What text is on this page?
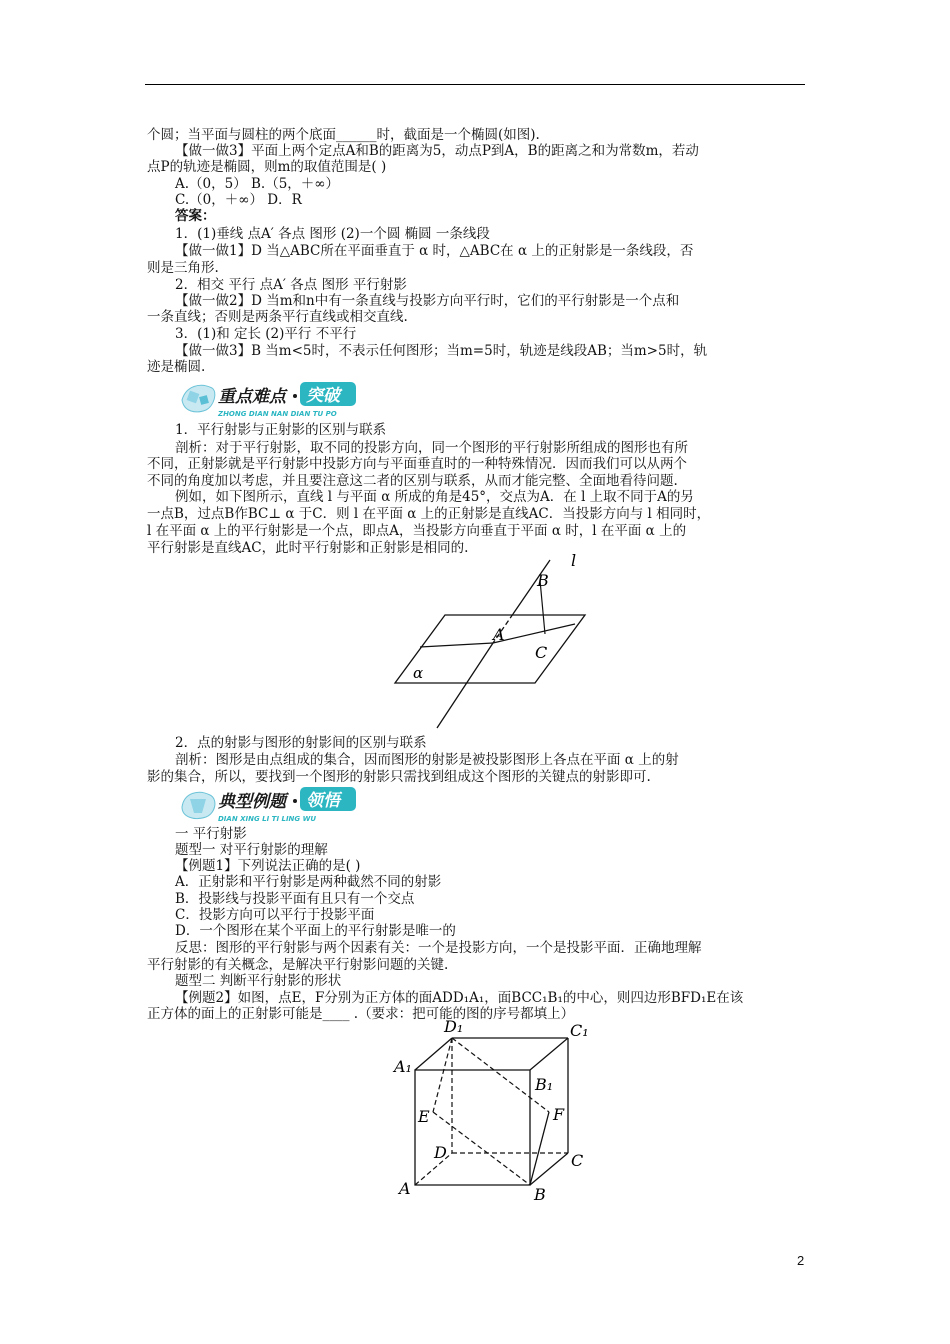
个圆；当平面与圆柱的两个底面______时，截面是一个椭圆(如图).
【做一做3】平面上两个定点A和B的距离为5，动点P到A，B的距离之和为常数m，若动
点P的轨迹是椭圆，则m的取值范围是( )
A.（0，5） B.（5，＋∞）
C.（0，＋∞） D．R
答案：
1．(1)垂线 点A′ 各点 图形 (2)一个圆 椭圆 一条线段
【做一做1】D 当△ABC所在平面垂直于 α 时，△ABC在 α 上的正射影是一条线段，否
则是三角形.
2．相交 平行 点A′ 各点 图形 平行射影
【做一做2】D 当m和n中有一条直线与投影方向平行时，它们的平行射影是一个点和
一条直线；否则是两条平行直线或相交直线.
3．(1)和 定长 (2)平行 不平行
【做一做3】B 当m<5时，不表示任何图形；当m=5时，轨迹是线段AB；当m>5时，轨
迹是椭圆.
重点难点 突破
ZHONG DIAN NAN DIAN TU PO
1．平行射影与正射影的区别与联系
剖析：对于平行射影，取不同的投影方向，同一个图形的平行射影所组成的图形也有所
不同，正射影就是平行射影中投影方向与平面垂直时的一种特殊情况．因而我们可以从两个
不同的角度加以考虑，并且要注意这二者的区别与联系，从而才能完整、全面地看待问题.
例如，如下图所示，直线 l 与平面 α 所成的角是45°，交点为A．在 l 上取不同于A的另
一点B，过点B作BC⊥ α 于C．则 l 在平面 α 上的正射影是直线AC．当投影方向与 l 相同时，
l 在平面 α 上的平行射影是一个点，即点A，当投影方向垂直于平面 α 时，l 在平面 α 上的
平行射影是直线AC，此时平行射影和正射影是相同的.
B
l
A
C
α
2．点的射影与图形的射影间的区别与联系
剖析：图形是由点组成的集合，因而图形的射影是被投影图形上各点在平面 α 上的射
影的集合，所以，要找到一个图形的射影只需找到组成这个图形的关键点的射影即可.
典型例题 领悟
DIAN XING LI TI LING WU
一 平行射影
题型一 对平行射影的理解
【例题1】下列说法正确的是( )
A．正射影和平行射影是两种截然不同的射影
B．投影线与投影平面有且只有一个交点
C．投影方向可以平行于投影平面
D．一个图形在某个平面上的平行射影是唯一的
反思：图形的平行射影与两个因素有关：一个是投影方向，一个是投影平面．正确地理解
平行射影的有关概念，是解决平行射影问题的关键.
题型二 判断平行射影的形状
【例题2】如图，点E，F分别为正方体的面ADD₁A₁，面BCC₁B₁的中心，则四边形BFD₁E在该
正方体的面上的正射影可能是____ .（要求：把可能的图的序号都填上）
D₁	C₁
A₁
B₁
E	F
D	C
A	B
2
